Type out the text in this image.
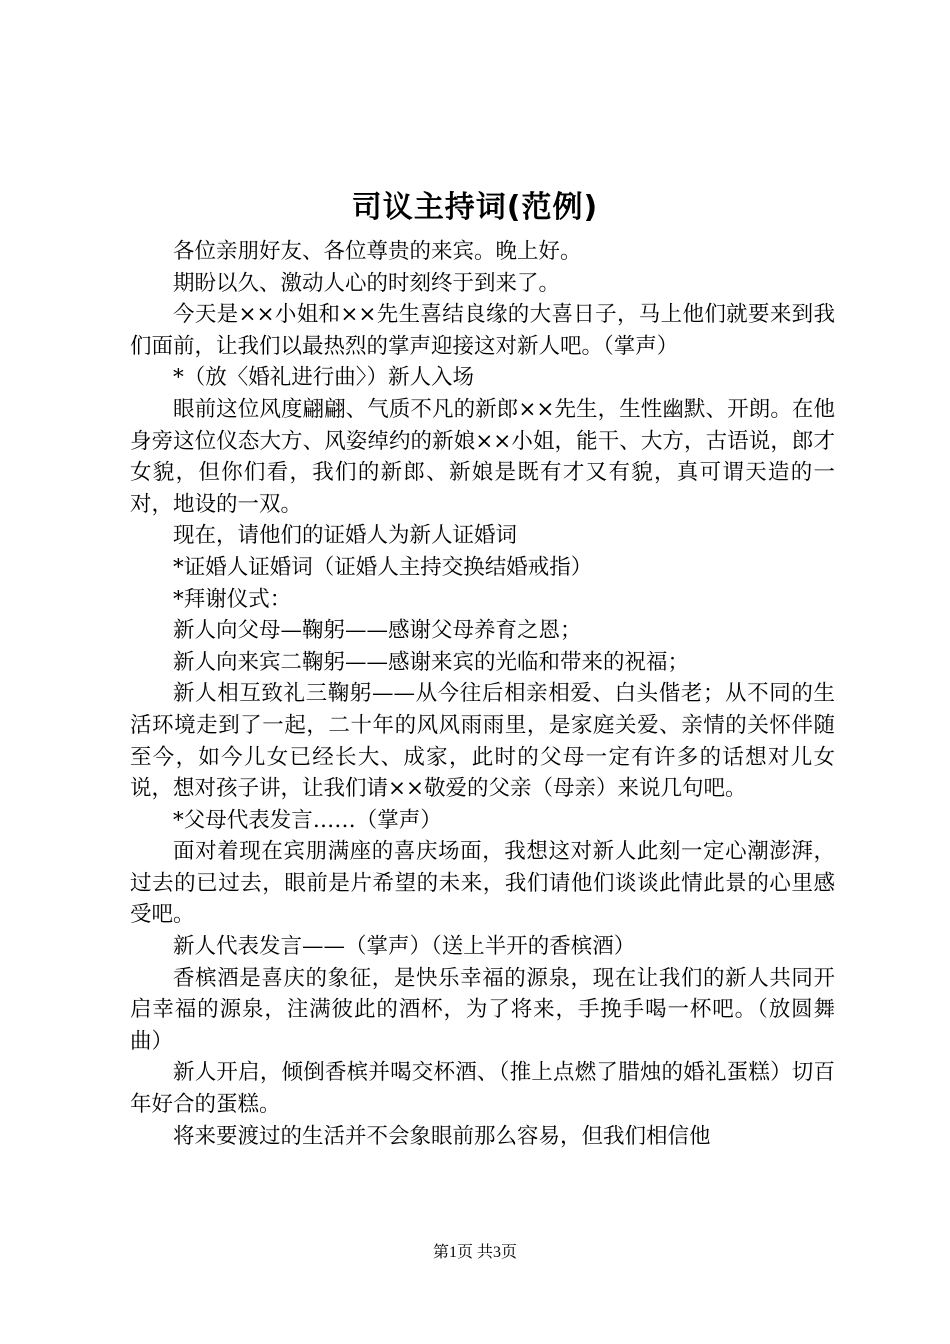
司议主持词(范例)

各位亲朋好友、各位尊贵的来宾。晚上好。

期盼以久、激动人心的时刻终于到来了。

今天是××小姐和××先生喜结良缘的大喜日子，马上他们就要来到我们面前，让我们以最热烈的掌声迎接这对新人吧。（掌声）

*（放〈婚礼进行曲〉）新人入场

眼前这位风度翩翩、气质不凡的新郎××先生，生性幽默、开朗。在他身旁这位仪态大方、风姿绰约的新娘××小姐，能干、大方，古语说，郎才女貌，但你们看，我们的新郎、新娘是既有才又有貌，真可谓天造的一对，地设的一双。

现在，请他们的证婚人为新人证婚词

*证婚人证婚词（证婚人主持交换结婚戒指）

*拜谢仪式：

新人向父母—鞠躬——感谢父母养育之恩；

新人向来宾二鞠躬——感谢来宾的光临和带来的祝福；

新人相互致礼三鞠躬——从今往后相亲相爱、白头偕老；从不同的生活环境走到了一起，二十年的风风雨雨里，是家庭关爱、亲情的关怀伴随至今，如今儿女已经长大、成家，此时的父母一定有许多的话想对儿女说，想对孩子讲，让我们请××敬爱的父亲（母亲）来说几句吧。

*父母代表发言……（掌声）

面对着现在宾朋满座的喜庆场面，我想这对新人此刻一定心潮澎湃，过去的已过去，眼前是片希望的未来，我们请他们谈谈此情此景的心里感受吧。

新人代表发言——（掌声）（送上半开的香槟酒）

香槟酒是喜庆的象征，是快乐幸福的源泉，现在让我们的新人共同开启幸福的源泉，注满彼此的酒杯，为了将来，手挽手喝一杯吧。（放圆舞曲）

新人开启，倾倒香槟并喝交杯酒、（推上点燃了腊烛的婚礼蛋糕）切百年好合的蛋糕。

将来要渡过的生活并不会象眼前那么容易，但我们相信他

第1页 共3页
